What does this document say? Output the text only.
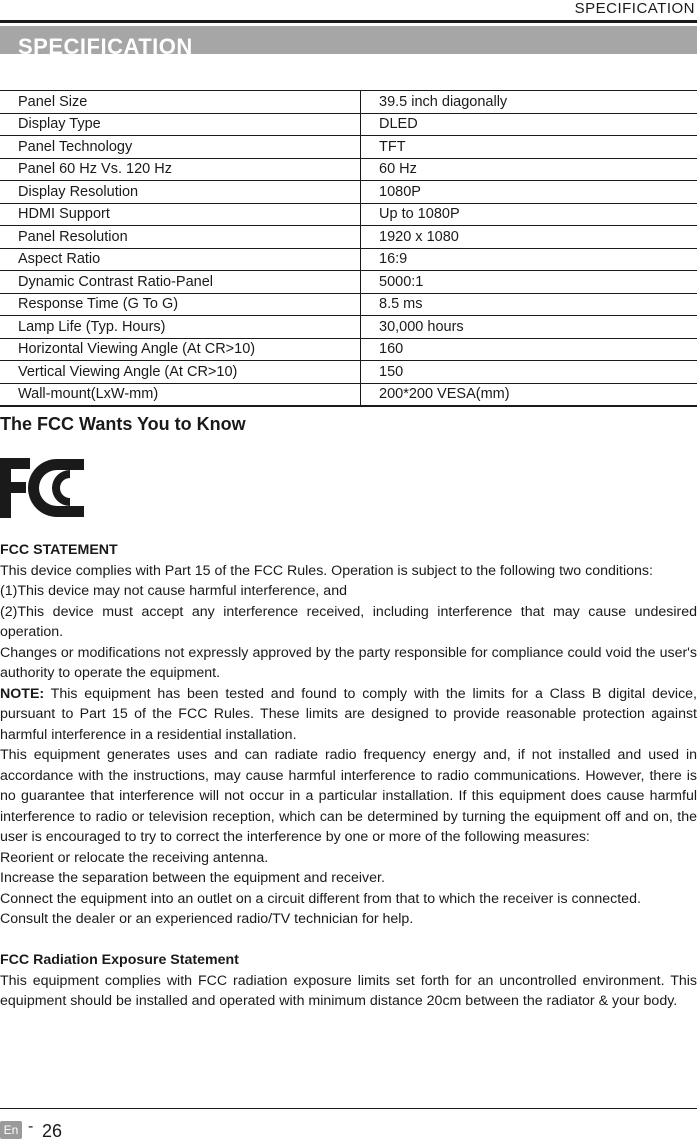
SPECIFICATION
SPECIFICATION
Panel Size	39.5 inch diagonally
Display Type	DLED
Panel Technology	TFT
Panel 60 Hz Vs. 120 Hz	60 Hz
Display Resolution	1080P
HDMI Support	Up to 1080P
Panel Resolution	1920 x 1080
Aspect Ratio	16:9
Dynamic Contrast Ratio-Panel	5000:1
Response Time (G To G)	8.5 ms
Lamp Life (Typ. Hours)	30,000 hours
Horizontal Viewing Angle (At CR>10)	160
Vertical Viewing Angle (At CR>10)	150
Wall-mount(LxW-mm)	200*200 VESA(mm)
The FCC Wants You to Know

FCC STATEMENT

This device complies with Part 15 of the FCC Rules. Operation is subject to the following two conditions:

(1)This device may not cause harmful interference, and

(2)This device must accept any interference received, including interference that may cause undesired operation.

Changes or modifications not expressly approved by the party responsible for compliance could void the user's authority to operate the equipment.

NOTE: This equipment has been tested and found to comply with the limits for a Class B digital device, pursuant to Part 15 of the FCC Rules. These limits are designed to provide reasonable protection against harmful interference in a residential installation.

This equipment generates uses and can radiate radio frequency energy and, if not installed and used in accordance with the instructions, may cause harmful interference to radio communications. However, there is no guarantee that interference will not occur in a particular installation. If this equipment does cause harmful interference to radio or television reception, which can be determined by turning the equipment off and on, the user is encouraged to try to correct the interference by one or more of the following measures:

Reorient or relocate the receiving antenna.

Increase the separation between the equipment and receiver.

Connect the equipment into an outlet on a circuit different from that to which the receiver is connected.

Consult the dealer or an experienced radio/TV technician for help.

FCC Radiation Exposure Statement

This equipment complies with FCC radiation exposure limits set forth for an uncontrolled environment. This equipment should be installed and operated with minimum distance 20cm between the radiator & your body.

En - 26
